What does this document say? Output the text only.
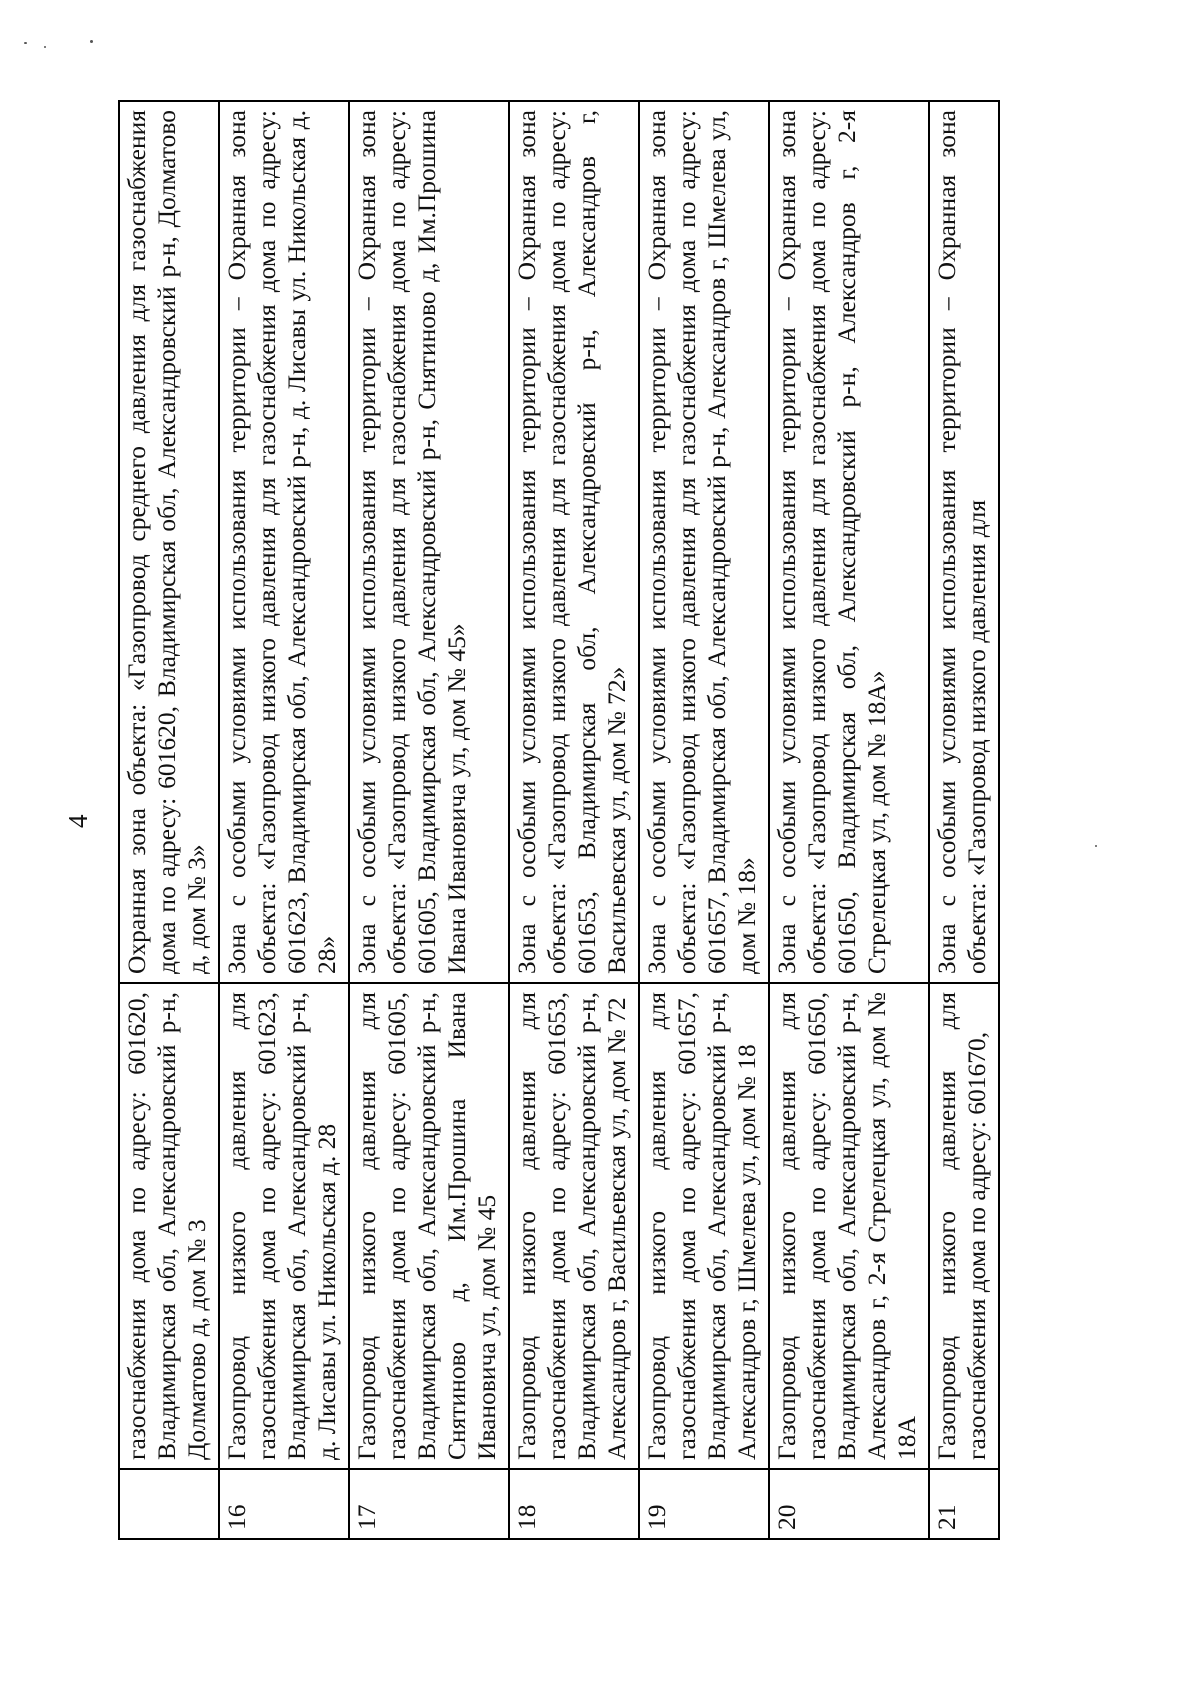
4
	газоснабжения дома по адресу: 601620, Владимирская обл, Александровский р-н, Долматово д, дом № 3	Охранная зона объекта: «Газопровод среднего давления для газоснабжения дома по адресу: 601620, Владимирская обл, Александровский р-н, Долматово д, дом № 3»
16	Газопровод низкого давления для газоснабжения дома по адресу: 601623, Владимирская обл, Александровский р-н, д. Лисавы ул. Никольская д. 28	Зона с особыми условиями использования территории – Охранная зона объекта: «Газопровод низкого давления для газоснабжения дома по адресу: 601623, Владимирская обл, Александровский р-н, д. Лисавы ул. Никольская д. 28»
17	Газопровод низкого давления для газоснабжения дома по адресу: 601605, Владимирская обл, Александровский р-н, Снятиново д, Им.Прошина Ивана Ивановича ул, дом № 45	Зона с особыми условиями использования территории – Охранная зона объекта: «Газопровод низкого давления для газоснабжения дома по адресу: 601605, Владимирская обл, Александровский р-н, Снятиново д, Им.Прошина Ивана Ивановича ул, дом № 45»
18	Газопровод низкого давления для газоснабжения дома по адресу: 601653, Владимирская обл, Александровский р-н, Александров г, Васильевская ул, дом № 72	Зона с особыми условиями использования территории – Охранная зона объекта: «Газопровод низкого давления для газоснабжения дома по адресу: 601653, Владимирская обл, Александровский р-н, Александров г, Васильевская ул, дом № 72»
19	Газопровод низкого давления для газоснабжения дома по адресу: 601657, Владимирская обл, Александровский р-н, Александров г, Шмелева ул, дом № 18	Зона с особыми условиями использования территории – Охранная зона объекта: «Газопровод низкого давления для газоснабжения дома по адресу: 601657, Владимирская обл, Александровский р-н, Александров г, Шмелева ул, дом № 18»
20	Газопровод низкого давления для газоснабжения дома по адресу: 601650, Владимирская обл, Александровский р-н, Александров г, 2-я Стрелецкая ул, дом № 18А	Зона с особыми условиями использования территории – Охранная зона объекта: «Газопровод низкого давления для газоснабжения дома по адресу: 601650, Владимирская обл, Александровский р-н, Александров г, 2-я Стрелецкая ул, дом № 18А»
21	Газопровод низкого давления для газоснабжения дома по адресу: 601670,	Зона с особыми условиями использования территории – Охранная зона объекта: «Газопровод низкого давления для
